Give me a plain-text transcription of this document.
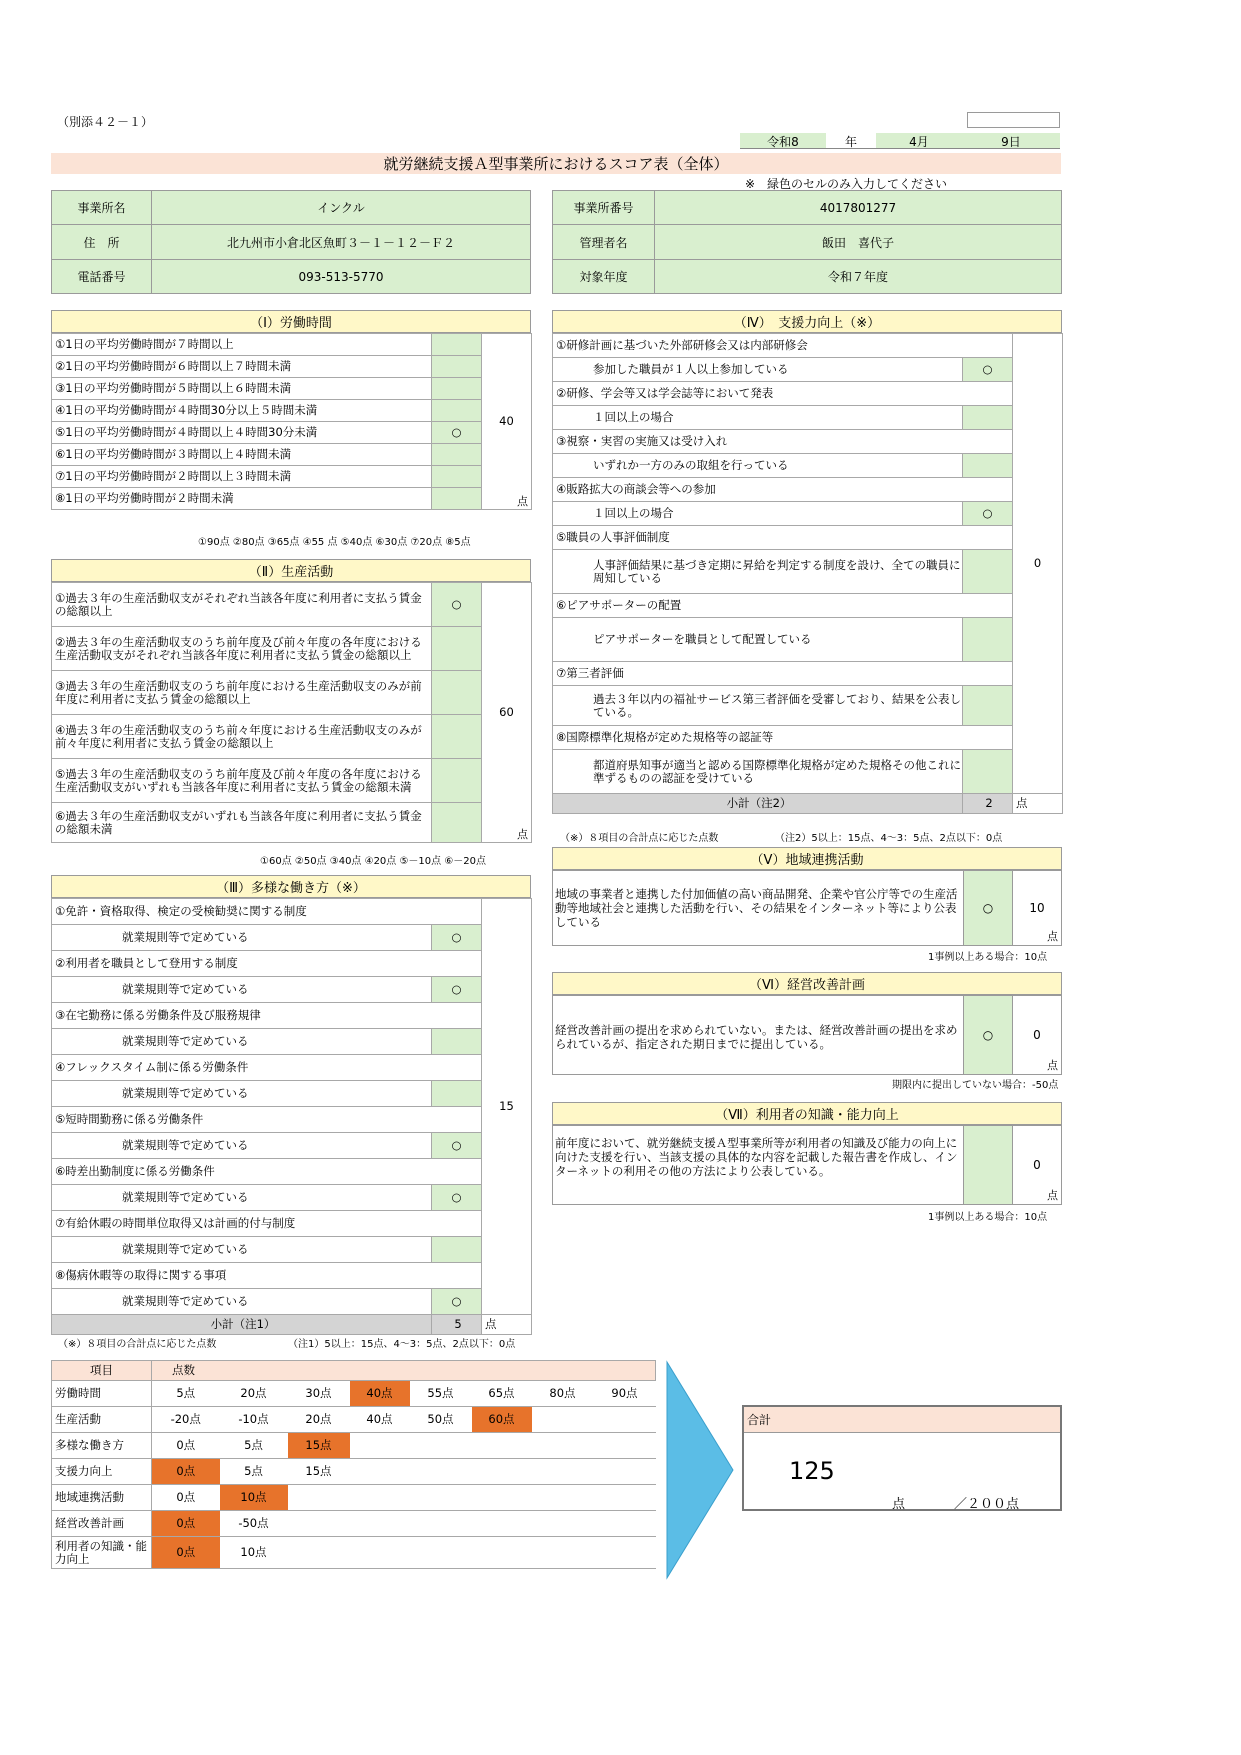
（別添４２－１）
令和8	年	4月	9日
就労継続支援Ａ型事業所におけるスコア表（全体）
※　緑色のセルのみ入力してください
事業所名	インクル
住　所	北九州市小倉北区魚町３－１－１２－Ｆ２
電話番号	093-513-5770
事業所番号	4017801277
管理者名	飯田　喜代子
対象年度	令和７年度
（Ⅰ）労働時間
①1日の平均労働時間が７時間以上		40
点

②1日の平均労働時間が６時間以上７時間未満		
③1日の平均労働時間が５時間以上６時間未満		
④1日の平均労働時間が４時間30分以上５時間未満		
⑤1日の平均労働時間が４時間以上４時間30分未満	○	
⑥1日の平均労働時間が３時間以上４時間未満		
⑦1日の平均労働時間が２時間以上３時間未満		
⑧1日の平均労働時間が２時間未満		
①90点 ②80点 ③65点 ④55 点 ⑤40点 ⑥30点 ⑦20点 ⑧5点
（Ⅱ）生産活動
①過去３年の生産活動収支がそれぞれ当該各年度に利用者に支払う賃金の総額以上	○	60
点

②過去３年の生産活動収支のうち前年度及び前々年度の各年度における生産活動収支がそれぞれ当該各年度に利用者に支払う賃金の総額以上		
③過去３年の生産活動収支のうち前年度における生産活動収支のみが前年度に利用者に支払う賃金の総額以上		
④過去３年の生産活動収支のうち前々年度における生産活動収支のみが前々年度に利用者に支払う賃金の総額以上		
⑤過去３年の生産活動収支のうち前年度及び前々年度の各年度における生産活動収支がいずれも当該各年度に利用者に支払う賃金の総額未満		
⑥過去３年の生産活動収支がいずれも当該各年度に利用者に支払う賃金の総額未満		
①60点 ②50点 ③40点 ④20点 ⑤－10点 ⑥－20点
（Ⅲ）多様な働き方（※）
①免許・資格取得、検定の受検勧奨に関する制度		15
就業規則等で定めている	○	
②利用者を職員として登用する制度		
就業規則等で定めている	○	
③在宅勤務に係る労働条件及び服務規律		
就業規則等で定めている		
④フレックスタイム制に係る労働条件		
就業規則等で定めている		
⑤短時間勤務に係る労働条件		
就業規則等で定めている	○	
⑥時差出勤制度に係る労働条件		
就業規則等で定めている	○	
⑦有給休暇の時間単位取得又は計画的付与制度		
就業規則等で定めている		
⑧傷病休暇等の取得に関する事項		
就業規則等で定めている	○	
小計（注1）	5	点
（※）８項目の合計点に応じた点数	（注1）5以上：15点、4～3：5点、2点以下：0点
（Ⅳ）　支援力向上（※）
①研修計画に基づいた外部研修会又は内部研修会		0
参加した職員が１人以上参加している	○	
②研修、学会等又は学会誌等において発表		
１回以上の場合		
③視察・実習の実施又は受け入れ		
いずれか一方のみの取組を行っている		
④販路拡大の商談会等への参加		
１回以上の場合	○	
⑤職員の人事評価制度		
人事評価結果に基づき定期に昇給を判定する制度を設け、全ての職員に周知している		
⑥ピアサポーターの配置		
ピアサポーターを職員として配置している		
⑦第三者評価		
過去３年以内の福祉サービス第三者評価を受審しており、結果を公表している。		
⑧国際標準化規格が定めた規格等の認証等		
都道府県知事が適当と認める国際標準化規格が定めた規格その他これに準ずるものの認証を受けている		
小計（注2）	2	点
（※）８項目の合計点に応じた点数	（注2）5以上：15点、4～3：5点、2点以下：0点
（Ⅴ）地域連携活動
地域の事業者と連携した付加価値の高い商品開発、企業や官公庁等での生産活動等地域社会と連携した活動を行い、その結果をインターネット等により公表している
○	10
点
1事例以上ある場合：10点
（Ⅵ）経営改善計画
経営改善計画の提出を求められていない。または、経営改善計画の提出を求められているが、指定された期日までに提出している。
○	0
点
期限内に提出していない場合：-50点
（Ⅶ）利用者の知識・能力向上
前年度において、就労継続支援Ａ型事業所等が利用者の知識及び能力の向上に向けた支援を行い、当該支援の具体的な内容を記載した報告書を作成し、インターネットの利用その他の方法により公表している。	0
点
1事例以上ある場合：10点
項目	点数							
労働時間	5点	20点	30点	40点	55点	65点	80点	90点
生産活動	-20点	-10点	20点	40点	50点	60点		
多様な働き方	0点	5点	15点					
支援力向上	0点	5点	15点					
地域連携活動	0点	10点						
経営改善計画	0点	-50点						
利用者の知識・能力向上	0点	10点						
合計
125
点	／２００点
